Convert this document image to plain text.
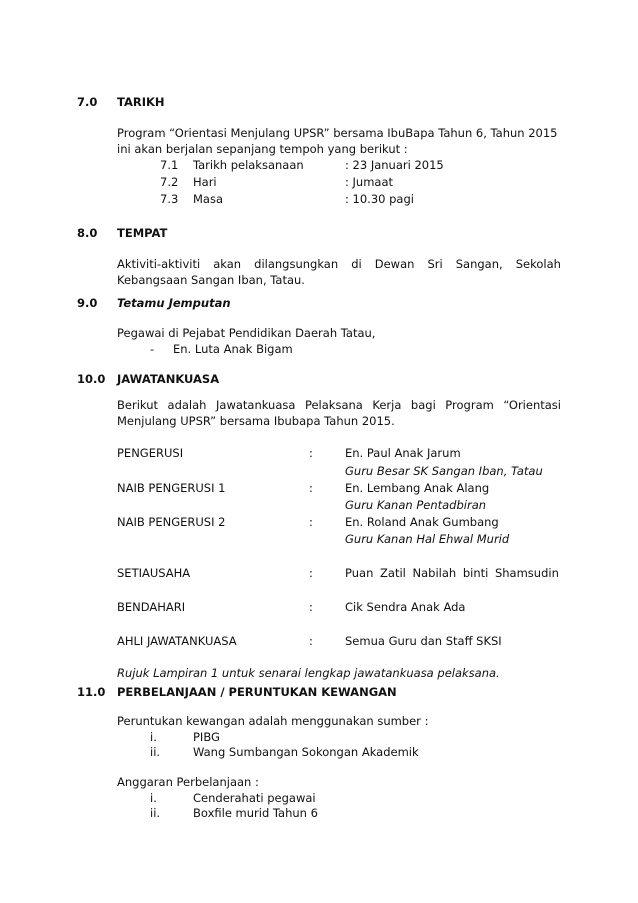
7.0 TARIKH
Program “Orientasi Menjulang UPSR” bersama IbuBapa Tahun 6, Tahun 2015
ini akan berjalan sepanjang tempoh yang berikut :
7.1 Tarikh pelaksanaan	: 23 Januari 2015
7.2 Hari	: Jumaat
7.3 Masa	: 10.30 pagi
8.0 TEMPAT
Aktiviti-aktiviti akan dilangsungkan di Dewan Sri Sangan, Sekolah
Kebangsaan Sangan Iban, Tatau.
9.0 Tetamu Jemputan
Pegawai di Pejabat Pendidikan Daerah Tatau,
- En. Luta Anak Bigam
10.0 JAWATANKUASA
Berikut adalah Jawatankuasa Pelaksana Kerja bagi Program “Orientasi
Menjulang UPSR” bersama Ibubapa Tahun 2015.
PENGERUSI	:	En. Paul Anak Jarum
Guru Besar SK Sangan Iban, Tatau
NAIB PENGERUSI 1	:	En. Lembang Anak Alang
Guru Kanan Pentadbiran
NAIB PENGERUSI 2	:	En. Roland Anak Gumbang
Guru Kanan Hal Ehwal Murid
SETIAUSAHA	:	Puan Zatil Nabilah binti Shamsudin
BENDAHARI	:	Cik Sendra Anak Ada
AHLI JAWATANKUASA	:	Semua Guru dan Staff SKSI
Rujuk Lampiran 1 untuk senarai lengkap jawatankuasa pelaksana.
11.0 PERBELANJAAN / PERUNTUKAN KEWANGAN
Peruntukan kewangan adalah menggunakan sumber :
i.	PIBG
ii.	Wang Sumbangan Sokongan Akademik
Anggaran Perbelanjaan :
i.	Cenderahati pegawai
ii.	Boxfile murid Tahun 6
